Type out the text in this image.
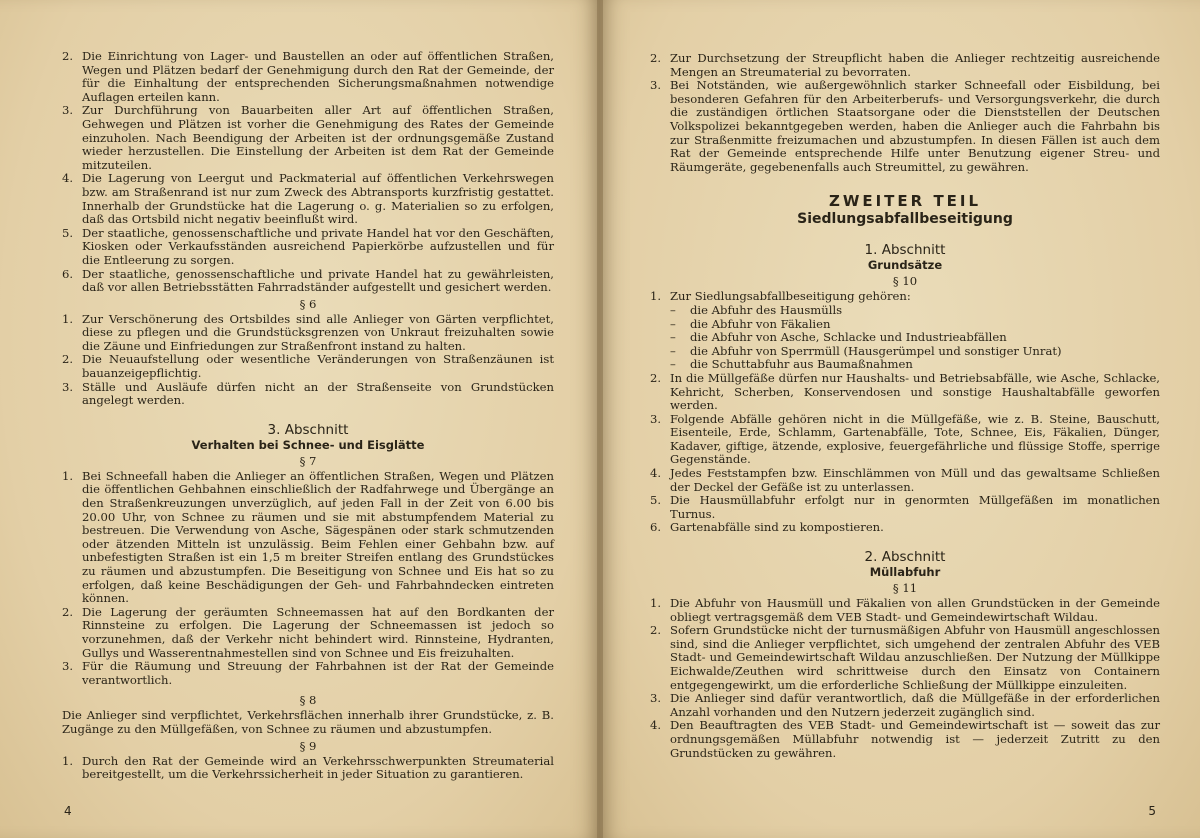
2. Die Einrichtung von Lager- und Baustellen an oder auf öffentlichen Straßen, Wegen und Plätzen bedarf der Genehmigung durch den Rat der Gemeinde, der für die Einhaltung der entsprechenden Sicherungsmaßnahmen notwendige Auflagen erteilen kann.
3. Zur Durchführung von Bauarbeiten aller Art auf öffentlichen Straßen, Gehwegen und Plätzen ist vorher die Genehmigung des Rates der Gemeinde einzuholen. Nach Beendigung der Arbeiten ist der ordnungsgemäße Zustand wieder herzustellen. Die Einstellung der Arbeiten ist dem Rat der Gemeinde mitzuteilen.
4. Die Lagerung von Leergut und Packmaterial auf öffentlichen Verkehrswegen bzw. am Straßenrand ist nur zum Zweck des Abtransports kurzfristig gestattet. Innerhalb der Grundstücke hat die Lagerung o. g. Materialien so zu erfolgen, daß das Ortsbild nicht negativ beeinflußt wird.
5. Der staatliche, genossenschaftliche und private Handel hat vor den Geschäften, Kiosken oder Verkaufsständen ausreichend Papierkörbe aufzustellen und für die Entleerung zu sorgen.
6. Der staatliche, genossenschaftliche und private Handel hat zu gewährleisten, daß vor allen Betriebsstätten Fahrradständer aufgestellt und gesichert werden.
§ 6
1. Zur Verschönerung des Ortsbildes sind alle Anlieger von Gärten verpflichtet, diese zu pflegen und die Grundstücksgrenzen von Unkraut freizuhalten sowie die Zäune und Einfriedungen zur Straßenfront instand zu halten.
2. Die Neuaufstellung oder wesentliche Veränderungen von Straßenzäunen ist bauanzeigepflichtig.
3. Ställe und Ausläufe dürfen nicht an der Straßenseite von Grundstücken angelegt werden.
3. Abschnitt
Verhalten bei Schnee- und Eisglätte
§ 7
1. Bei Schneefall haben die Anlieger an öffentlichen Straßen, Wegen und Plätzen die öffentlichen Gehbahnen einschließlich der Radfahrwege und Übergänge an den Straßenkreuzungen unverzüglich, auf jeden Fall in der Zeit von 6.00 bis 20.00 Uhr, von Schnee zu räumen und sie mit abstumpfendem Material zu bestreuen. Die Verwendung von Asche, Sägespänen oder stark schmutzenden oder ätzenden Mitteln ist unzulässig. Beim Fehlen einer Gehbahn bzw. auf unbefestigten Straßen ist ein 1,5 m breiter Streifen entlang des Grundstückes zu räumen und abzustumpfen. Die Beseitigung von Schnee und Eis hat so zu erfolgen, daß keine Beschädigungen der Geh- und Fahrbahndecken eintreten können.
2. Die Lagerung der geräumten Schneemassen hat auf den Bordkanten der Rinnsteine zu erfolgen. Die Lagerung der Schneemassen ist jedoch so vorzunehmen, daß der Verkehr nicht behindert wird. Rinnsteine, Hydranten, Gullys und Wasserentnahmestellen sind von Schnee und Eis freizuhalten.
3. Für die Räumung und Streuung der Fahrbahnen ist der Rat der Gemeinde verantwortlich.
§ 8

Die Anlieger sind verpflichtet, Verkehrsflächen innerhalb ihrer Grundstücke, z. B. Zugänge zu den Müllgefäßen, von Schnee zu räumen und abzustumpfen.

§ 9
1. Durch den Rat der Gemeinde wird an Verkehrsschwerpunkten Streumaterial bereitgestellt, um die Verkehrssicherheit in jeder Situation zu garantieren.
4
2. Zur Durchsetzung der Streupflicht haben die Anlieger rechtzeitig ausreichende Mengen an Streumaterial zu bevorraten.
3. Bei Notständen, wie außergewöhnlich starker Schneefall oder Eisbildung, bei besonderen Gefahren für den Arbeiterberufs- und Versorgungsverkehr, die durch die zuständigen örtlichen Staatsorgane oder die Dienststellen der Deutschen Volkspolizei bekanntgegeben werden, haben die Anlieger auch die Fahrbahn bis zur Straßenmitte freizumachen und abzustumpfen. In diesen Fällen ist auch dem Rat der Gemeinde entsprechende Hilfe unter Benutzung eigener Streu- und Räumgeräte, gegebenenfalls auch Streumittel, zu gewähren.
ZWEITER TEIL
Siedlungsabfallbeseitigung
1. Abschnitt
Grundsätze
§ 10
1. Zur Siedlungsabfallbeseitigung gehören:
–	die Abfuhr des Hausmülls
–	die Abfuhr von Fäkalien
–	die Abfuhr von Asche, Schlacke und Industrieabfällen
–	die Abfuhr von Sperrmüll (Hausgerümpel und sonstiger Unrat)
–	die Schuttabfuhr aus Baumaßnahmen
2. In die Müllgefäße dürfen nur Haushalts- und Betriebsabfälle, wie Asche, Schlacke, Kehricht, Scherben, Konservendosen und sonstige Haushaltabfälle geworfen werden.
3. Folgende Abfälle gehören nicht in die Müllgefäße, wie z. B. Steine, Bauschutt, Eisenteile, Erde, Schlamm, Gartenabfälle, Tote, Schnee, Eis, Fäkalien, Dünger, Kadaver, giftige, ätzende, explosive, feuergefährliche und flüssige Stoffe, sperrige Gegenstände.
4. Jedes Feststampfen bzw. Einschlämmen von Müll und das gewaltsame Schließen der Deckel der Gefäße ist zu unterlassen.
5. Die Hausmüllabfuhr erfolgt nur in genormten Müllgefäßen im monatlichen Turnus.
6. Gartenabfälle sind zu kompostieren.
2. Abschnitt
Müllabfuhr
§ 11
1. Die Abfuhr von Hausmüll und Fäkalien von allen Grundstücken in der Gemeinde obliegt vertragsgemäß dem VEB Stadt- und Gemeindewirtschaft Wildau.
2. Sofern Grundstücke nicht der turnusmäßigen Abfuhr von Hausmüll angeschlossen sind, sind die Anlieger verpflichtet, sich umgehend der zentralen Abfuhr des VEB Stadt- und Gemeindewirtschaft Wildau anzuschließen. Der Nutzung der Müllkippe Eichwalde/Zeuthen wird schrittweise durch den Einsatz von Containern entgegengewirkt, um die erforderliche Schließung der Müllkippe einzuleiten.
3. Die Anlieger sind dafür verantwortlich, daß die Müllgefäße in der erforderlichen Anzahl vorhanden und den Nutzern jederzeit zugänglich sind.
4. Den Beauftragten des VEB Stadt- und Gemeindewirtschaft ist — soweit das zur ordnungsgemäßen Müllabfuhr notwendig ist — jederzeit Zutritt zu den Grundstücken zu gewähren.
5
